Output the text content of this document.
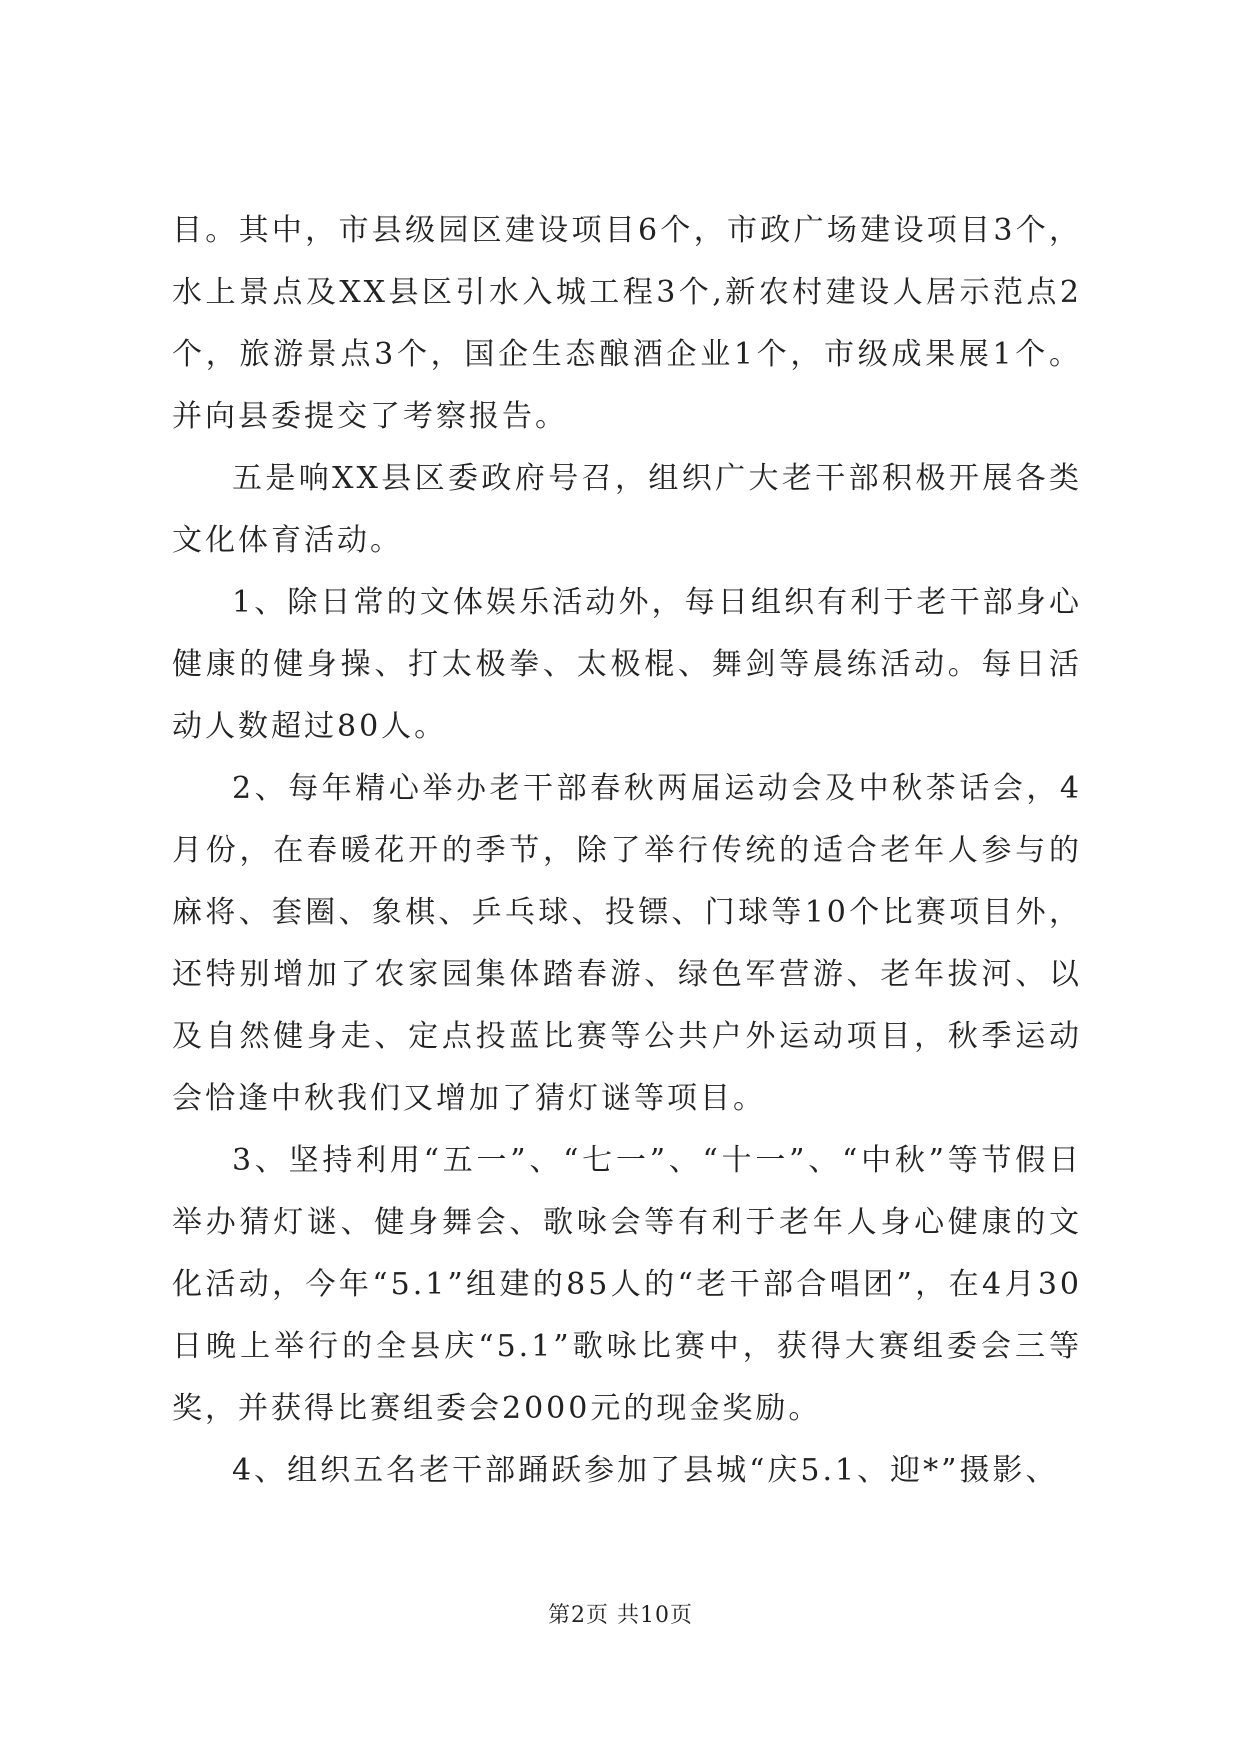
目。其中，市县级园区建设项目6个，市政广场建设项目3个，水上景点及XX县区引水入城工程3个,新农村建设人居示范点2个，旅游景点3个，国企生态酿酒企业1个，市级成果展1个。并向县委提交了考察报告。

五是响XX县区委政府号召，组织广大老干部积极开展各类文化体育活动。

1、除日常的文体娱乐活动外，每日组织有利于老干部身心健康的健身操、打太极拳、太极棍、舞剑等晨练活动。每日活动人数超过80人。

2、每年精心举办老干部春秋两届运动会及中秋茶话会，4月份，在春暖花开的季节，除了举行传统的适合老年人参与的麻将、套圈、象棋、乒乓球、投镖、门球等10个比赛项目外，还特别增加了农家园集体踏春游、绿色军营游、老年拔河、以及自然健身走、定点投蓝比赛等公共户外运动项目，秋季运动会恰逢中秋我们又增加了猜灯谜等项目。

3、坚持利用“五一”、“七一”、“十一”、“中秋”等节假日举办猜灯谜、健身舞会、歌咏会等有利于老年人身心健康的文化活动，今年“5.1”组建的85人的“老干部合唱团”，在4月30日晚上举行的全县庆“5.1”歌咏比赛中，获得大赛组委会三等奖，并获得比赛组委会2000元的现金奖励。

4、组织五名老干部踊跃参加了县城“庆5.1、迎*”摄影、

第2页 共10页
